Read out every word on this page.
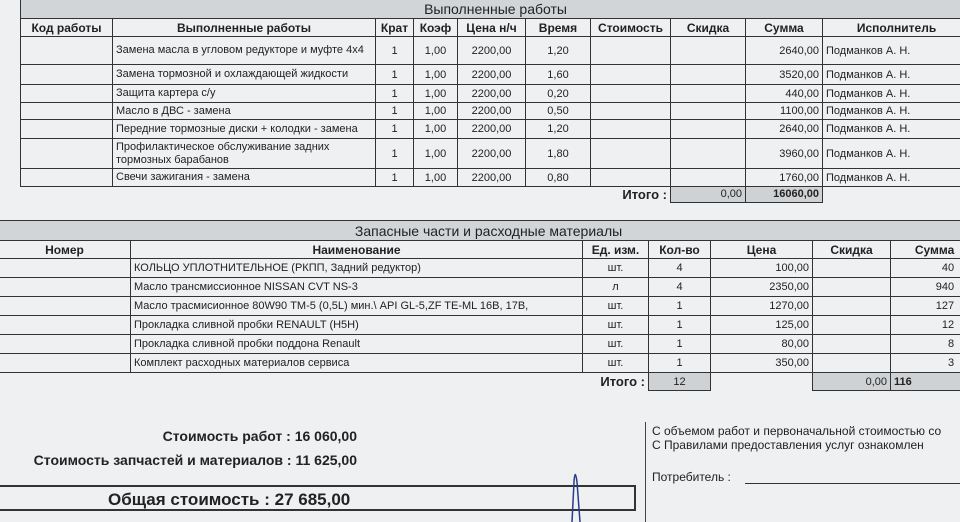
Выполненные работы									
Код работы	Выполненные работы	Крат	Коэф	Цена н/ч	Время	Стоимость	Скидка	Сумма	Исполнитель
	Замена масла в угловом редукторе и муфте 4х4	1	1,00	2200,00	1,20			2640,00	Подманков А. Н.
	Замена тормозной и охлаждающей жидкости	1	1,00	2200,00	1,60			3520,00	Подманков А. Н.
	Защита картера с/у	1	1,00	2200,00	0,20			440,00	Подманков А. Н.
	Масло в ДВС - замена	1	1,00	2200,00	0,50			1100,00	Подманков А. Н.
	Передние тормозные диски + колодки - замена	1	1,00	2200,00	1,20			2640,00	Подманков А. Н.
	Профилактическое обслуживание задних тормозных барабанов	1	1,00	2200,00	1,80			3960,00	Подманков А. Н.
	Свечи зажигания - замена	1	1,00	2200,00	0,80			1760,00	Подманков А. Н.
						Итого :	0,00	16060,00	
Запасные части и расходные материалы						
Номер	Наименование	Ед. изм.	Кол-во	Цена	Скидка	Сумма
	КОЛЬЦО УПЛОТНИТЕЛЬНОЕ (РКПП, Задний редуктор)	шт.	4	100,00		40
	Масло трансмиссионное NISSAN CVT NS-3	л	4	2350,00		940
	Масло трасмисионное 80W90 ТМ-5 (0,5L) мин.\ API GL-5,ZF TE-ML 16B, 17B,	шт.	1	1270,00		127
	Прокладка сливной пробки RENAULT (H5H)	шт.	1	125,00		12
	Прокладка сливной пробки поддона Renault	шт.	1	80,00		8
	Комплект расходных материалов сервиса	шт.	1	350,00		3
		Итого :	12		0,00	116
Стоимость работ : 16 060,00
Стоимость запчастей и материалов : 11 625,00
Общая стоимость : 27 685,00
С объемом работ и первоначальной стоимостью со
С Правилами предоставления услуг ознакомлен
Потребитель :
